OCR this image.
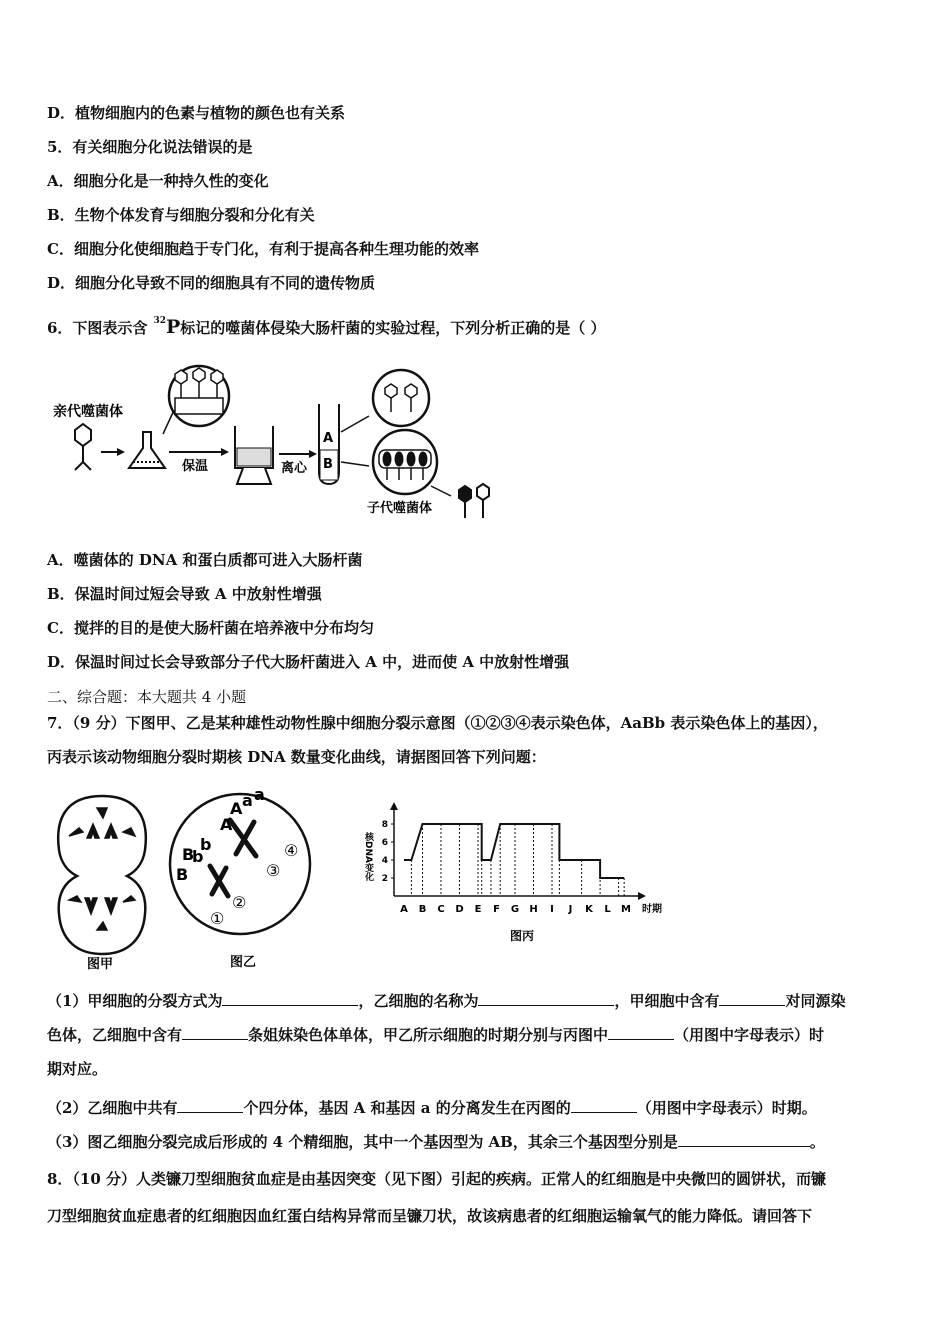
D．植物细胞内的色素与植物的颜色也有关系
5．有关细胞分化说法错误的是
A．细胞分化是一种持久性的变化
B．生物个体发育与细胞分裂和分化有关
C．细胞分化使细胞趋于专门化，有利于提高各种生理功能的效率
D．细胞分化导致不同的细胞具有不同的遗传物质
6．下图表示含 $^{32}$P标记的噬菌体侵染大肠杆菌的实验过程，下列分析正确的是（ ）
亲代噬菌体
保温	离心
A
B
子代噬菌体
A．噬菌体的 DNA 和蛋白质都可进入大肠杆菌
B．保温时间过短会导致 A 中放射性增强
C．搅拌的目的是使大肠杆菌在培养液中分布均匀
D．保温时间过长会导致部分子代大肠杆菌进入 A 中，进而使 A 中放射性增强
二、综合题：本大题共 4 小题
7．（9 分）下图甲、乙是某种雄性动物性腺中细胞分裂示意图（①②③④表示染色体，AaBb 表示染色体上的基因），
丙表示该动物细胞分裂时期核 DNA 数量变化曲线，请据图回答下列问题：
图甲
A a a
A
b
b
B
B
①
②
③
④
图乙
核DNA变化 2
4
6
8
A B C D E F G H I J K L M 时期
图丙
（1）甲细胞的分裂方式为	，乙细胞的名称为	，甲细胞中含有	对同源染
色体，乙细胞中含有	条姐妹染色体单体，甲乙所示细胞的时期分别与丙图中	（用图中字母表示）时
期对应。
（2）乙细胞中共有	个四分体，基因 A 和基因 a 的分离发生在丙图的	（用图中字母表示）时期。
（3）图乙细胞分裂完成后形成的 4 个精细胞，其中一个基因型为 AB，其余三个基因型分别是	。
8．（10 分）人类镰刀型细胞贫血症是由基因突变（见下图）引起的疾病。正常人的红细胞是中央微凹的圆饼状，而镰
刀型细胞贫血症患者的红细胞因血红蛋白结构异常而呈镰刀状，故该病患者的红细胞运输氧气的能力降低。请回答下
